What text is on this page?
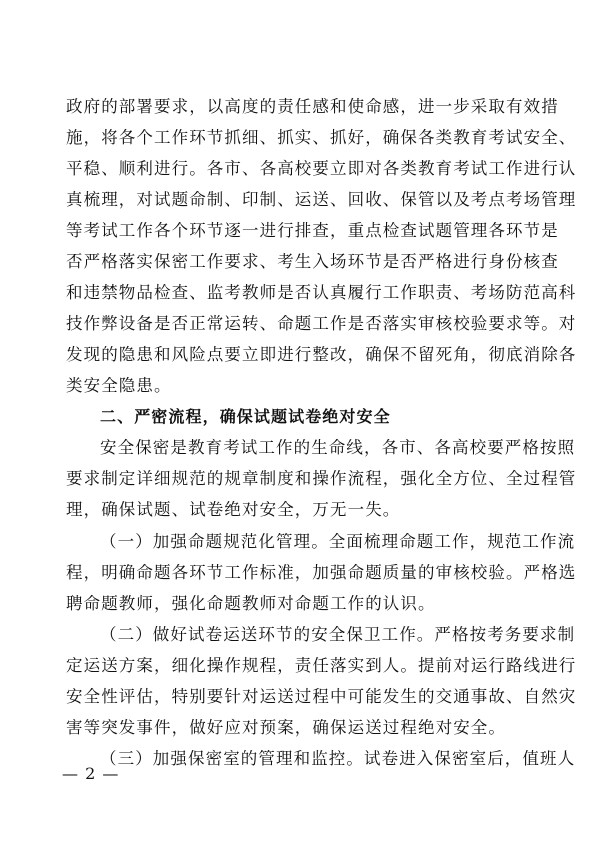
政府的部署要求，以高度的责任感和使命感，进一步采取有效措
施，将各个工作环节抓细、抓实、抓好，确保各类教育考试安全、
平稳、顺利进行。各市、各高校要立即对各类教育考试工作进行认
真梳理，对试题命制、印制、运送、回收、保管以及考点考场管理
等考试工作各个环节逐一进行排查，重点检查试题管理各环节是
否严格落实保密工作要求、考生入场环节是否严格进行身份核查
和违禁物品检查、监考教师是否认真履行工作职责、考场防范高科
技作弊设备是否正常运转、命题工作是否落实审核校验要求等。对
发现的隐患和风险点要立即进行整改，确保不留死角，彻底消除各
类安全隐患。
二、严密流程，确保试题试卷绝对安全
安全保密是教育考试工作的生命线，各市、各高校要严格按照
要求制定详细规范的规章制度和操作流程，强化全方位、全过程管
理，确保试题、试卷绝对安全，万无一失。
（一）加强命题规范化管理。全面梳理命题工作，规范工作流
程，明确命题各环节工作标准，加强命题质量的审核校验。严格选
聘命题教师，强化命题教师对命题工作的认识。
（二）做好试卷运送环节的安全保卫工作。严格按考务要求制
定运送方案，细化操作规程，责任落实到人。提前对运行路线进行
安全性评估，特别要针对运送过程中可能发生的交通事故、自然灾
害等突发事件，做好应对预案，确保运送过程绝对安全。
（三）加强保密室的管理和监控。试卷进入保密室后，值班人
— 2 —
